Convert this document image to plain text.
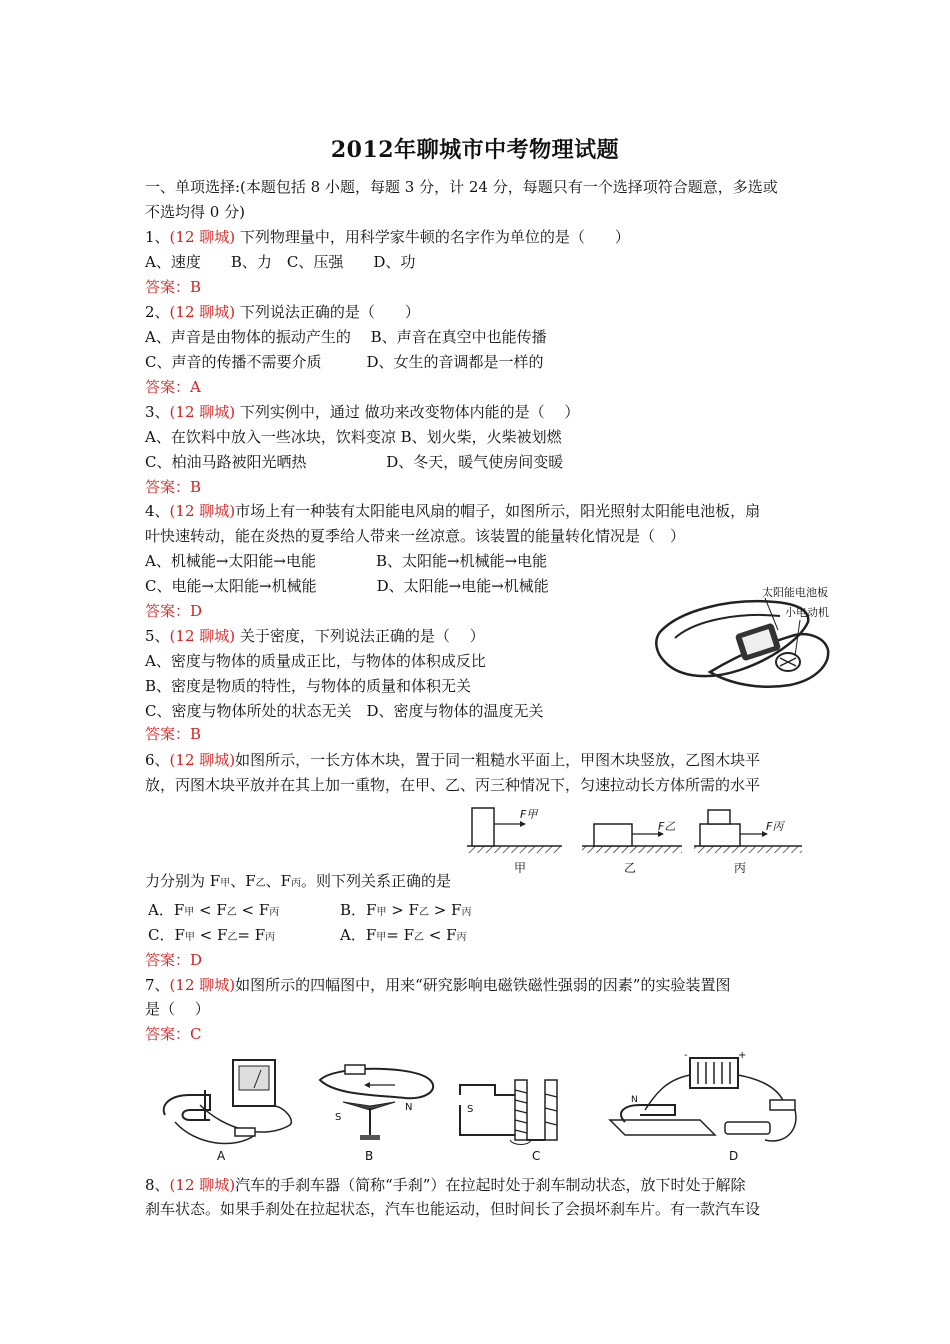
2012年聊城市中考物理试题
一、单项选择:(本题包括 8 小题，每题 3 分，计 24 分，每题只有一个选择项符合题意，多选或
不选均得 0 分)
1、(12 聊城) 下列物理量中，用科学家牛顿的名字作为单位的是（　　）
A、速度　　B、力　C、压强　　D、功
答案：B
2、(12 聊城) 下列说法正确的是（　　）
A、声音是由物体的振动产生的　 B、声音在真空中也能传播
C、声音的传播不需要介质　　　D、女生的音调都是一样的
答案：A
3、(12 聊城) 下列实例中，通过 做功来改变物体内能的是（　 ）
A、在饮料中放入一些冰块，饮料变凉 B、划火柴，火柴被划燃
C、柏油马路被阳光晒热　　　　　 D、冬天，暖气使房间变暖
答案：B
4、(12 聊城)市场上有一种装有太阳能电风扇的帽子，如图所示，阳光照射太阳能电池板，扇
叶快速转动，能在炎热的夏季给人带来一丝凉意。该装置的能量转化情况是（　）
A、机械能→太阳能→电能　　　　B、太阳能→机械能→电能
C、电能→太阳能→机械能　　　　D、太阳能→电能→机械能
答案：D
太阳能电池板
小电动机
5、(12 聊城) 关于密度，下列说法正确的是（　 ）
A、密度与物体的质量成正比，与物体的体积成反比
B、密度是物质的特性，与物体的质量和体积无关
C、密度与物体所处的状态无关　D、密度与物体的温度无关
答案：B
6、(12 聊城)如图所示，一长方体木块，置于同一粗糙水平面上，甲图木块竖放，乙图木块平
放，丙图木块平放并在其上加一重物，在甲、乙、丙三种情况下，匀速拉动长方体所需的水平
F甲
甲
F乙
乙
F丙
丙
力分别为 F甲、F乙、F丙。则下列关系正确的是
A．F甲 < F乙 < F丙	B．F甲 > F乙 > F丙
C．F甲 < F乙= F丙	A．F甲= F乙 < F丙
答案：D
7、(12 聊城)如图所示的四幅图中，用来“研究影响电磁铁磁性强弱的因素”的实验装置图
是（　 ）
答案：C
A
S
N
B
S
C
-	+
N
D
8、(12 聊城)汽车的手刹车器（简称“手刹”）在拉起时处于刹车制动状态，放下时处于解除
刹车状态。如果手刹处在拉起状态，汽车也能运动，但时间长了会损坏刹车片。有一款汽车设
